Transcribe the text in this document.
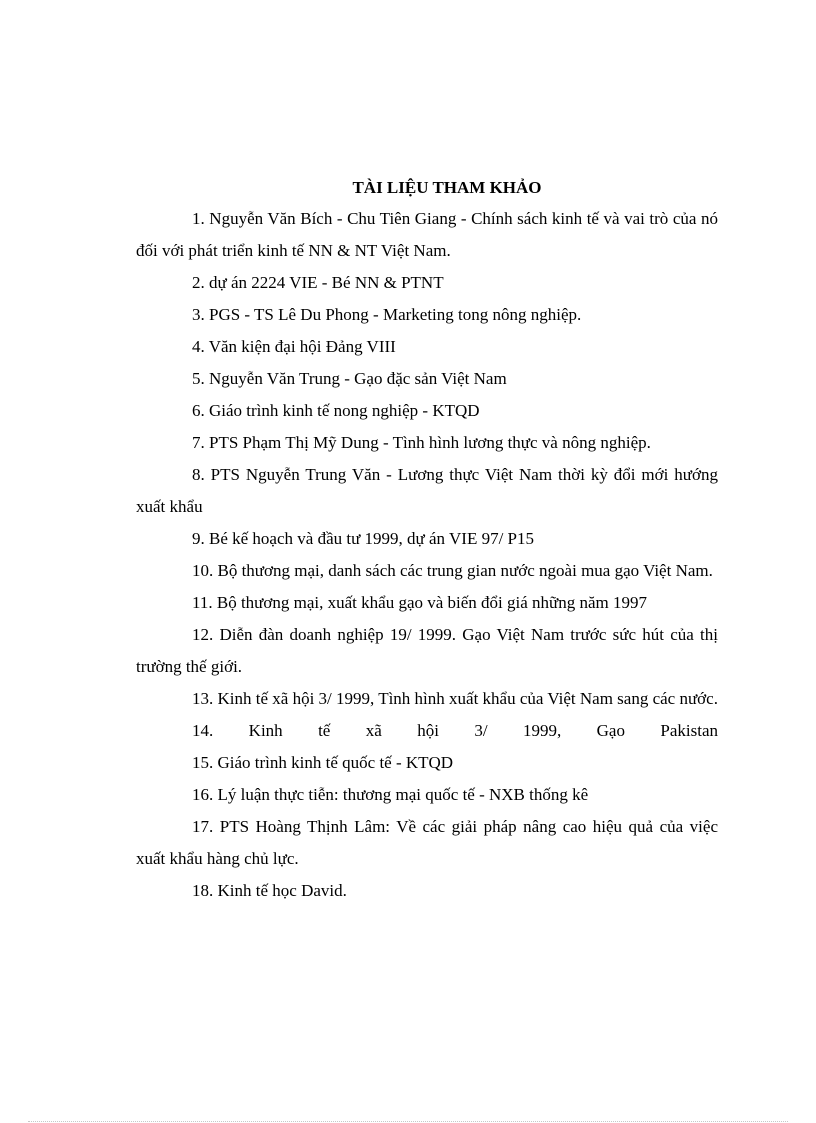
TÀI LIỆU THAM KHẢO

1. Nguyễn Văn Bích - Chu Tiên Giang - Chính sách kinh tế và vai trò của nó đối với phát triển kinh tế NN & NT Việt Nam.

2. dự án 2224 VIE - Bé NN & PTNT

3. PGS - TS Lê Du Phong - Marketing tong nông nghiệp.

4. Văn kiện đại hội Đảng VIII

5. Nguyễn Văn Trung - Gạo đặc sản Việt Nam

6. Giáo trình kinh tế nong nghiệp - KTQD

7. PTS Phạm Thị Mỹ Dung - Tình hình lương thực và nông nghiệp.

8. PTS Nguyễn Trung Văn - Lương thực Việt Nam thời kỳ đổi mới hướng xuất khẩu

9. Bé kế hoạch và đầu tư 1999, dự án VIE 97/ P15

10. Bộ thương mại, danh sách các trung gian nước ngoài mua gạo Việt Nam.

11. Bộ thương mại, xuất khẩu gạo và biến đổi giá những năm 1997

12. Diễn đàn doanh nghiệp 19/ 1999. Gạo Việt Nam trước sức hút của thị trường thế giới.

13. Kinh tế xã hội 3/ 1999, Tình hình xuất khẩu của Việt Nam sang các nước.

14. Kinh tế xã hội 3/ 1999, Gạo Pakistan

15. Giáo trình kinh tế quốc tế - KTQD

16. Lý luận thực tiễn: thương mại quốc tế - NXB thống kê

17. PTS Hoàng Thịnh Lâm: Về các giải pháp nâng cao hiệu quả của việc xuất khẩu hàng chủ lực.

18. Kinh tế học David.
